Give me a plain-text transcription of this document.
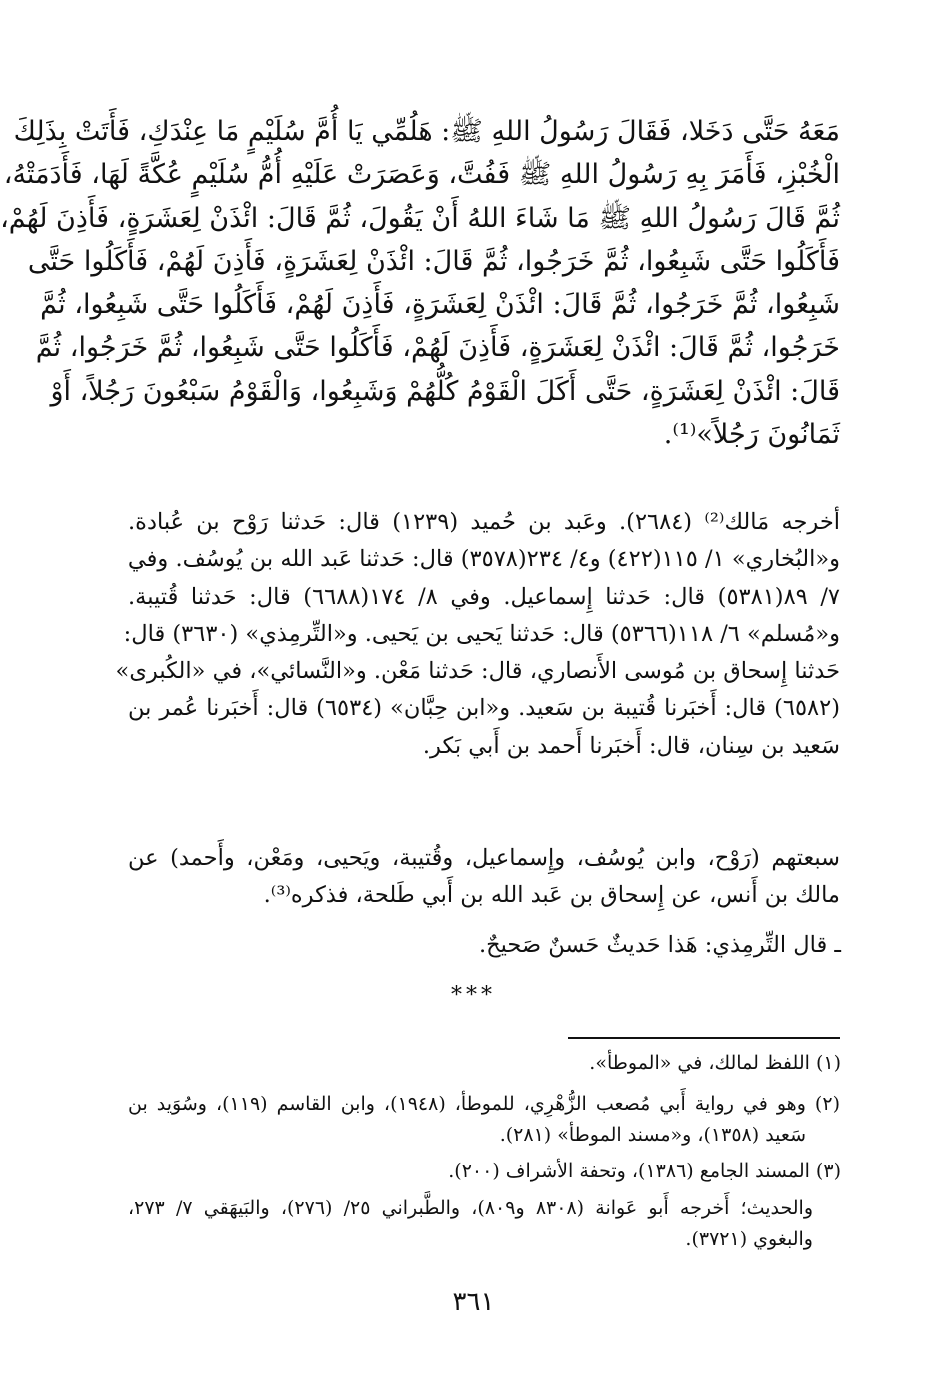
مَعَهُ حَتَّى دَخَلا، فَقَالَ رَسُولُ اللهِ ﷺ: هَلُمِّي يَا أُمَّ سُلَيْمٍ مَا عِنْدَكِ، فَأَتَتْ بِذَلِكَ
الْخُبْزِ، فَأَمَرَ بِهِ رَسُولُ اللهِ ﷺ فَفُتَّ، وَعَصَرَتْ عَلَيْهِ أُمُّ سُلَيْمٍ عُكَّةً لَهَا، فَأَدَمَتْهُ،
ثُمَّ قَالَ رَسُولُ اللهِ ﷺ مَا شَاءَ اللهُ أَنْ يَقُولَ، ثُمَّ قَالَ: ائْذَنْ لِعَشَرَةٍ، فَأَذِنَ لَهُمْ،
فَأَكَلُوا حَتَّى شَبِعُوا، ثُمَّ خَرَجُوا، ثُمَّ قَالَ: ائْذَنْ لِعَشَرَةٍ، فَأَذِنَ لَهُمْ، فَأَكَلُوا حَتَّى
شَبِعُوا، ثُمَّ خَرَجُوا، ثُمَّ قَالَ: ائْذَنْ لِعَشَرَةٍ، فَأَذِنَ لَهُمْ، فَأَكَلُوا حَتَّى شَبِعُوا، ثُمَّ
خَرَجُوا، ثُمَّ قَالَ: ائْذَنْ لِعَشَرَةٍ، فَأَذِنَ لَهُمْ، فَأَكَلُوا حَتَّى شَبِعُوا، ثُمَّ خَرَجُوا، ثُمَّ
قَالَ: ائْذَنْ لِعَشَرَةٍ، حَتَّى أَكَلَ الْقَوْمُ كُلُّهُمْ وَشَبِعُوا، وَالْقَوْمُ سَبْعُونَ رَجُلاً، أَوْ
ثَمَانُونَ رَجُلاً»⁽¹⁾.
أخرجه مَالك⁽²⁾ (٢٦٨٤). وعَبد بن حُميد (١٢٣٩) قال: حَدثنا رَوْح بن عُبادة.
و«البُخاري» ١/ ١١٥(٤٢٢) و٤/ ٢٣٤(٣٥٧٨) قال: حَدثنا عَبد الله بن يُوسُف. وفي
٧/ ٨٩(٥٣٨١) قال: حَدثنا إِسماعيل. وفي ٨/ ١٧٤(٦٦٨٨) قال: حَدثنا قُتيبة.
و«مُسلم» ٦/ ١١٨(٥٣٦٦) قال: حَدثنا يَحيى بن يَحيى. و«التِّرمِذي» (٣٦٣٠) قال:
حَدثنا إِسحاق بن مُوسى الأَنصاري، قال: حَدثنا مَعْن. و«النَّسائي»، في «الكُبرى»
(٦٥٨٢) قال: أَخبَرنا قُتيبة بن سَعيد. و«ابن حِبَّان» (٦٥٣٤) قال: أَخبَرنا عُمر بن
سَعيد بن سِنان، قال: أَخبَرنا أَحمد بن أَبي بَكر.
سبعتهم (رَوْح، وابن يُوسُف، وإِسماعيل، وقُتيبة، ويَحيى، ومَعْن، وأَحمد) عن
مالك بن أَنس، عن إِسحاق بن عَبد الله بن أَبي طَلحة، فذكره⁽³⁾.
ـ قال التِّرمِذي: هَذا حَديثٌ حَسنٌ صَحيحٌ.
***
(١) اللفظ لمالك، في «الموطأ».
(٢) وهو في رواية أَبي مُصعب الزُّهْرِي، للموطأ، (١٩٤٨)، وابن القاسم (١١٩)، وسُوَيد بن
سَعيد (١٣٥٨)، و«مسند الموطأ» (٢٨١).
(٣) المسند الجامع (١٣٨٦)، وتحفة الأشراف (٢٠٠).
والحديث؛ أَخرجه أَبو عَوانة (٨٣٠٨ و٨٠٩)، والطَّبراني ٢٥/ (٢٧٦)، والبَيهَقي ٧/ ٢٧٣،
والبغوي (٣٧٢١).
٣٦١
